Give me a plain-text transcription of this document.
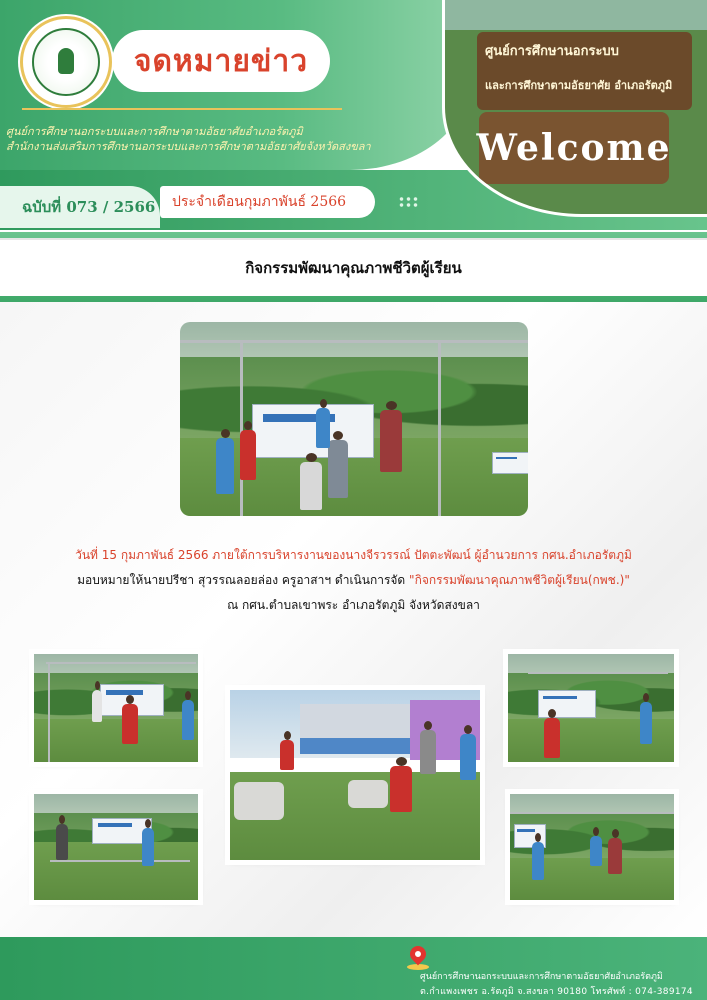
ศูนย์การศึกษานอกระบบ
และการศึกษาตามอัธยาศัย อำเภอรัตภูมิ
Welcome
จดหมายข่าว
ศูนย์การศึกษานอกระบบและการศึกษาตามอัธยาศัยอำเภอรัตภูมิ
สำนักงานส่งเสริมการศึกษานอกระบบและการศึกษาตามอัธยาศัยจังหวัดสงขลา
ฉบับที่ 073 / 2566 ประจำเดือนกุมภาพันธ์ 2566
กิจกรรมพัฒนาคุณภาพชีวิตผู้เรียน
วันที่ 15 กุมภาพันธ์ 2566 ภายใต้การบริหารงานของนางจีรวรรณ์ ปัตตะพัฒน์ ผู้อำนวยการ กศน.อำเภอรัตภูมิ
มอบหมายให้นายปรีชา สุวรรณลอยล่อง ครูอาสาฯ ดำเนินการจัด "กิจกรรมพัฒนาคุณภาพชีวิตผู้เรียน(กพช.)"
ณ กศน.ตำบลเขาพระ อำเภอรัตภูมิ จังหวัดสงขลา
ศูนย์การศึกษานอกระบบและการศึกษาตามอัธยาศัยอำเภอรัตภูมิ
ต.กำแพงเพชร อ.รัตภูมิ จ.สงขลา 90180 โทรศัพท์ : 074-389174
